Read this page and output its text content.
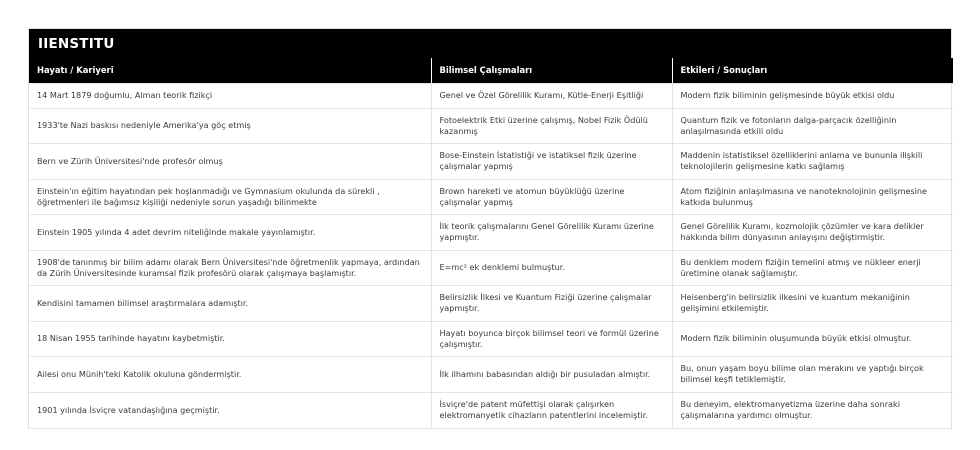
IIENSTITU
Hayatı / Kariyeri	Bilimsel Çalışmaları	Etkileri / Sonuçları
14 Mart 1879 doğumlu, Alman teorik fizikçi	Genel ve Özel Görelilik Kuramı, Kütle-Enerji Eşitliği	Modern fizik biliminin gelişmesinde büyük etkisi oldu
1933'te Nazi baskısı nedeniyle Amerika'ya göç etmiş	Fotoelektrik Etki üzerine çalışmış, Nobel Fizik Ödülü kazanmış	Quantum fizik ve fotonların dalga-parçacık özelliğinin anlaşılmasında etkili oldu
Bern ve Zürih Üniversitesi'nde profesör olmuş	Bose-Einstein İstatistiği ve istatiksel fizik üzerine çalışmalar yapmış	Maddenin istatistiksel özelliklerini anlama ve bununla ilişkili teknolojilerin gelişmesine katkı sağlamış
Einstein'ın eğitim hayatından pek hoşlanmadığı ve Gymnasium okulunda da sürekli , öğretmenleri ile bağımsız kişiliği nedeniyle sorun yaşadığı bilinmekte	Brown hareketi ve atomun büyüklüğü üzerine çalışmalar yapmış	Atom fiziğinin anlaşılmasına ve nanoteknolojinin gelişmesine katkıda bulunmuş
Einstein 1905 yılında 4 adet devrim niteliğinde makale yayınlamıştır.	İlk teorik çalışmalarını Genel Görelilik Kuramı üzerine yapmıştır.	Genel Görelilik Kuramı, kozmolojik çözümler ve kara delikler hakkında bilim dünyasının anlayışını değiştirmiştir.
1908'de tanınmış bir bilim adamı olarak Bern Üniversitesi'nde öğretmenlik yapmaya, ardından da Zürih Üniversitesinde kuramsal fizik profesörü olarak çalışmaya başlamıştır.	E=mc² ek denklemi bulmuştur.	Bu denklem modern fiziğin temelini atmış ve nükleer enerji üretimine olanak sağlamıştır.
Kendisini tamamen bilimsel araştırmalara adamıştır.	Belirsizlik İlkesi ve Kuantum Fiziği üzerine çalışmalar yapmıştır.	Heisenberg'in belirsizlik ilkesini ve kuantum mekaniğinin gelişimini etkilemiştir.
18 Nisan 1955 tarihinde hayatını kaybetmiştir.	Hayatı boyunca birçok bilimsel teori ve formül üzerine çalışmıştır.	Modern fizik biliminin oluşumunda büyük etkisi olmuştur.
Ailesi onu Münih'teki Katolik okuluna göndermiştir.	İlk ilhamını babasından aldığı bir pusuladan almıştır.	Bu, onun yaşam boyu bilime olan merakını ve yaptığı birçok bilimsel keşfi tetiklemiştir.
1901 yılında İsviçre vatandaşlığına geçmiştir.	İsviçre'de patent müfettişi olarak çalışırken elektromanyetik cihazların patentlerini incelemiştir.	Bu deneyim, elektromanyetizma üzerine daha sonraki çalışmalarına yardımcı olmuştur.
